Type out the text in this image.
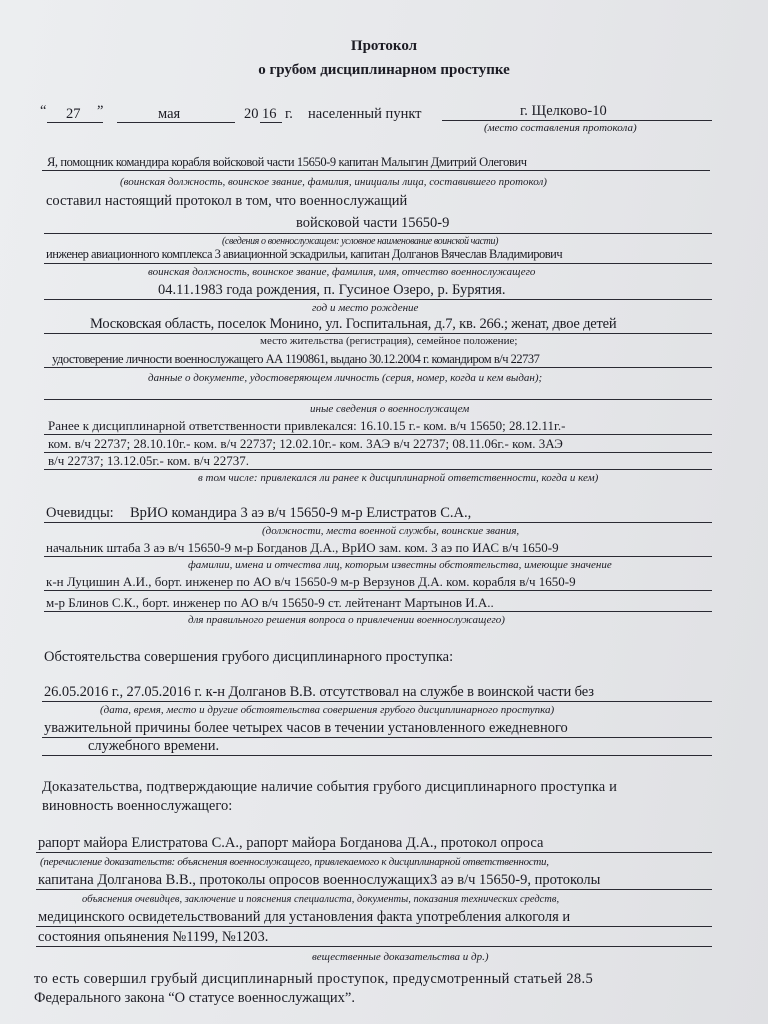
Протокол
о грубом дисциплинарном проступке
“ 27 ”	мая	20 16 г. населенный пункт	г. Щелково-10
(место составления протокола)
Я, помощник командира корабля войсковой части 15650-9 капитан Малыгин Дмитрий Олегович
(воинская должность, воинское звание, фамилия, инициалы лица, составившего протокол)
составил настоящий протокол в том, что военнослужащий
войсковой части 15650-9
(сведения о военнослужащем: условное наименование воинской части)
инженер авиационного комплекса 3 авиационной эскадрильи, капитан Долганов Вячеслав Владимирович
воинская должность, воинское звание, фамилия, имя, отчество военнослужащего
04.11.1983 года рождения, п. Гусиное Озеро, р. Бурятия.
год и место рождение
Московская область, поселок Монино, ул. Госпитальная, д.7, кв. 266.; женат, двое детей
место жительства (регистрация), семейное положение;
удостоверение личности военнослужащего АА 1190861, выдано 30.12.2004 г. командиром в/ч 22737
данные о документе, удостоверяющем личность (серия, номер, когда и кем выдан);
иные сведения о военнослужащем
Ранее к дисциплинарной ответственности привлекался: 16.10.15 г.- ком. в/ч 15650; 28.12.11г.-
ком. в/ч 22737; 28.10.10г.- ком. в/ч 22737; 12.02.10г.- ком. 3АЭ в/ч 22737; 08.11.06г.- ком. 3АЭ
в/ч 22737; 13.12.05г.- ком. в/ч 22737.
в том числе: привлекался ли ранее к дисциплинарной ответственности, когда и кем)
Очевидцы: ВрИО командира 3 аэ в/ч 15650-9 м-р Елистратов С.А.,
(должности, места военной службы, воинские звания,
начальник штаба 3 аэ в/ч 15650-9 м-р Богданов Д.А., ВрИО зам. ком. 3 аэ по ИАС в/ч 1650-9
фамилии, имена и отчества лиц, которым известны обстоятельства, имеющие значение
к-н Луцишин А.И., борт. инженер по АО в/ч 15650-9 м-р Верзунов Д.А. ком. корабля в/ч 1650-9
м-р Блинов С.К., борт. инженер по АО в/ч 15650-9 ст. лейтенант Мартынов И.А..
для правильного решения вопроса о привлечении военнослужащего)
Обстоятельства совершения грубого дисциплинарного проступка:
26.05.2016 г., 27.05.2016 г. к-н Долганов В.В. отсутствовал на службе в воинской части без
(дата, время, место и другие обстоятельства совершения грубого дисциплинарного проступка)
уважительной причины более четырех часов в течении установленного ежедневного
служебного времени.
Доказательства, подтверждающие наличие события грубого дисциплинарного проступка и
виновность военнослужащего:
рапорт майора Елистратова С.А., рапорт майора Богданова Д.А., протокол опроса
(перечисление доказательств: объяснения военнослужащего, привлекаемого к дисциплинарной ответственности,
капитана Долганова В.В., протоколы опросов военнослужащих3 аэ в/ч 15650-9, протоколы
объяснения очевидцев, заключение и пояснения специалиста, документы, показания технических средств,
медицинского освидетельствований для установления факта употребления алкоголя и
состояния опьянения №1199, №1203.
вещественные доказательства и др.)
то есть совершил грубый дисциплинарный проступок, предусмотренный статьей 28.5
Федерального закона “О статусе военнослужащих”.
